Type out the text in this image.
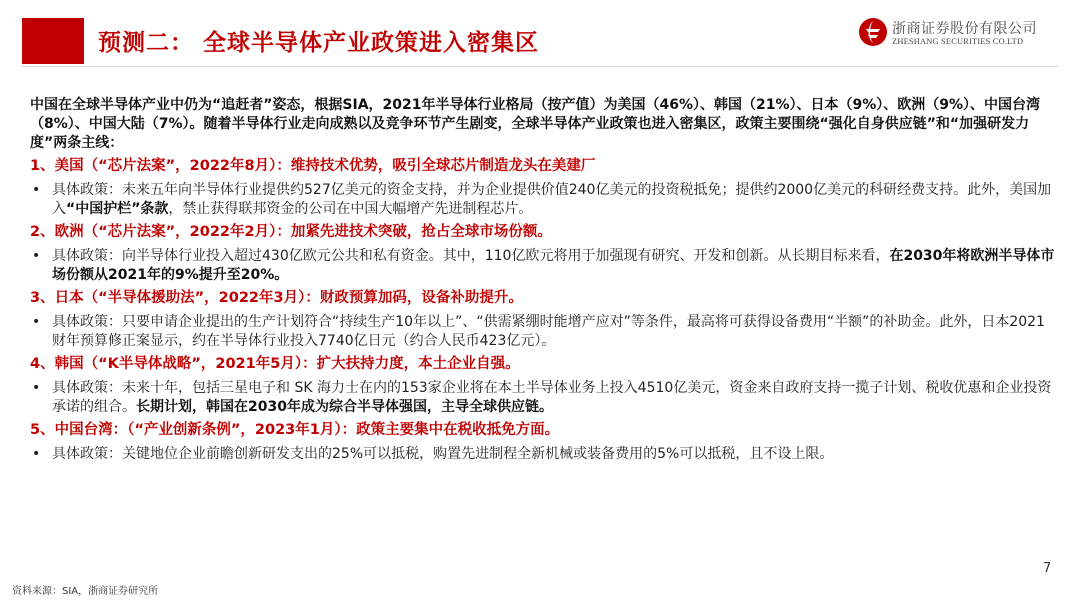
预测二： 全球半导体产业政策进入密集区
浙商证券股份有限公司
ZHESHANG SECURITIES CO.LTD

中国在全球半导体产业中仍为“追赶者”姿态，根据SIA，2021年半导体行业格局（按产值）为美国（46%）、韩国（21%）、日本（9%）、欧洲（9%）、中国台湾（8%）、中国大陆（7%）。随着半导体行业走向成熟以及竞争环节产生剧变，全球半导体产业政策也进入密集区，政策主要围绕“强化自身供应链”和“加强研发力度”两条主线：

1、美国（“芯片法案”，2022年8月）：维持技术优势，吸引全球芯片制造龙头在美建厂

• 具体政策：未来五年向半导体行业提供约527亿美元的资金支持，并为企业提供价值240亿美元的投资税抵免；提供约2000亿美元的科研经费支持。此外，美国加入“中国护栏”条款，禁止获得联邦资金的公司在中国大幅增产先进制程芯片。

2、欧洲（“芯片法案”，2022年2月）：加紧先进技术突破，抢占全球市场份额。

• 具体政策：向半导体行业投入超过430亿欧元公共和私有资金。其中，110亿欧元将用于加强现有研究、开发和创新。从长期目标来看，在2030年将欧洲半导体市场份额从2021年的9%提升至20%。

3、日本（“半导体援助法”，2022年3月）：财政预算加码，设备补助提升。

• 具体政策：只要申请企业提出的生产计划符合“持续生产10年以上”、“供需紧绷时能增产应对”等条件，最高将可获得设备费用“半额”的补助金。此外，日本2021财年预算修正案显示，约在半导体行业投入7740亿日元（约合人民币423亿元）。

4、韩国（“K半导体战略”，2021年5月）：扩大扶持力度，本土企业自强。

• 具体政策：未来十年，包括三星电子和 SK 海力士在内的153家企业将在本土半导体业务上投入4510亿美元，资金来自政府支持一揽子计划、税收优惠和企业投资承诺的组合。长期计划，韩国在2030年成为综合半导体强国，主导全球供应链。

5、中国台湾：（“产业创新条例”，2023年1月）：政策主要集中在税收抵免方面。

• 具体政策：关键地位企业前瞻创新研发支出的25%可以抵税，购置先进制程全新机械或装备费用的5%可以抵税，且不设上限。

7
资料来源：SIA，浙商证券研究所
